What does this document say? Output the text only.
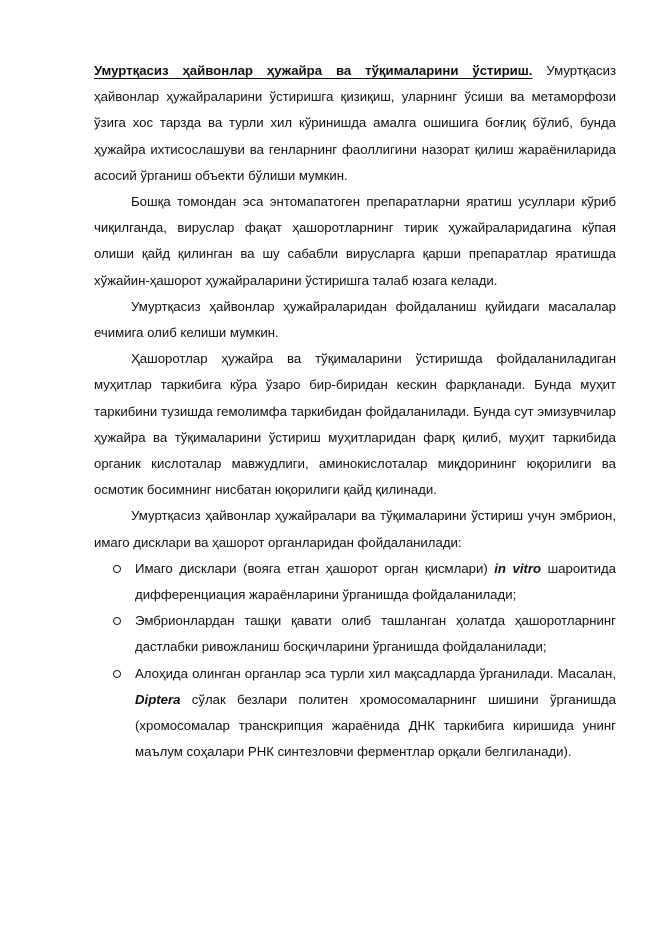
Умуртқасиз ҳайвонлар ҳужайра ва тўқималарини ўстириш. Умуртқасиз ҳайвонлар ҳужайраларини ўстиришга қизиқиш, уларнинг ўсиши ва метаморфози ўзига хос тарзда ва турли хил кўринишда амалга ошишига боғлиқ бўлиб, бунда ҳужайра ихтисослашуви ва генларнинг фаоллигини назорат қилиш жараёниларида асосий ўрганиш объекти бўлиши мумкин.

Бошқа томондан эса энтомапатоген препаратларни яратиш усуллари кўриб чиқилганда, вируслар фақат ҳашоротларнинг тирик ҳужайраларидагина кўпая олиши қайд қилинган ва шу сабабли вирусларга қарши препаратлар яратишда хўжайин-ҳашорот ҳужайраларини ўстиришга талаб юзага келади.

Умуртқасиз ҳайвонлар ҳужайраларидан фойдаланиш қуйидаги масалалар ечимига олиб келиши мумкин.

Ҳашоротлар ҳужайра ва тўқималарини ўстиришда фойдаланиладиган муҳитлар таркибига кўра ўзаро бир-биридан кескин фарқланади. Бунда муҳит таркибини тузишда гемолимфа таркибидан фойдаланилади. Бунда сут эмизувчилар ҳужайра ва тўқималарини ўстириш муҳитларидан фарқ қилиб, муҳит таркибида органик кислоталар мавжудлиги, аминокислоталар миқдорининг юқорилиги ва осмотик босимнинг нисбатан юқорилиги қайд қилинади.

Умуртқасиз ҳайвонлар ҳужайралари ва тўқималарини ўстириш учун эмбрион, имаго дисклари ва ҳашорот органларидан фойдаланилади:

Имаго дисклари (вояга етган ҳашорот орган қисмлари) in vitro шароитида дифференциация жараёнларини ўрганишда фойдаланилади;
Эмбрионлардан ташқи қавати олиб ташланган ҳолатда ҳашоротларнинг дастлабки ривожланиш босқичларини ўрганишда фойдаланилади;
Алоҳида олинган органлар эса турли хил мақсадларда ўрганилади. Масалан, Diptera сўлак безлари политен хромосомаларнинг шишини ўрганишда (хромосомалар транскрипция жараёнида ДНК таркибига киришида унинг маълум соҳалари РНК синтезловчи ферментлар орқали белгиланади).
